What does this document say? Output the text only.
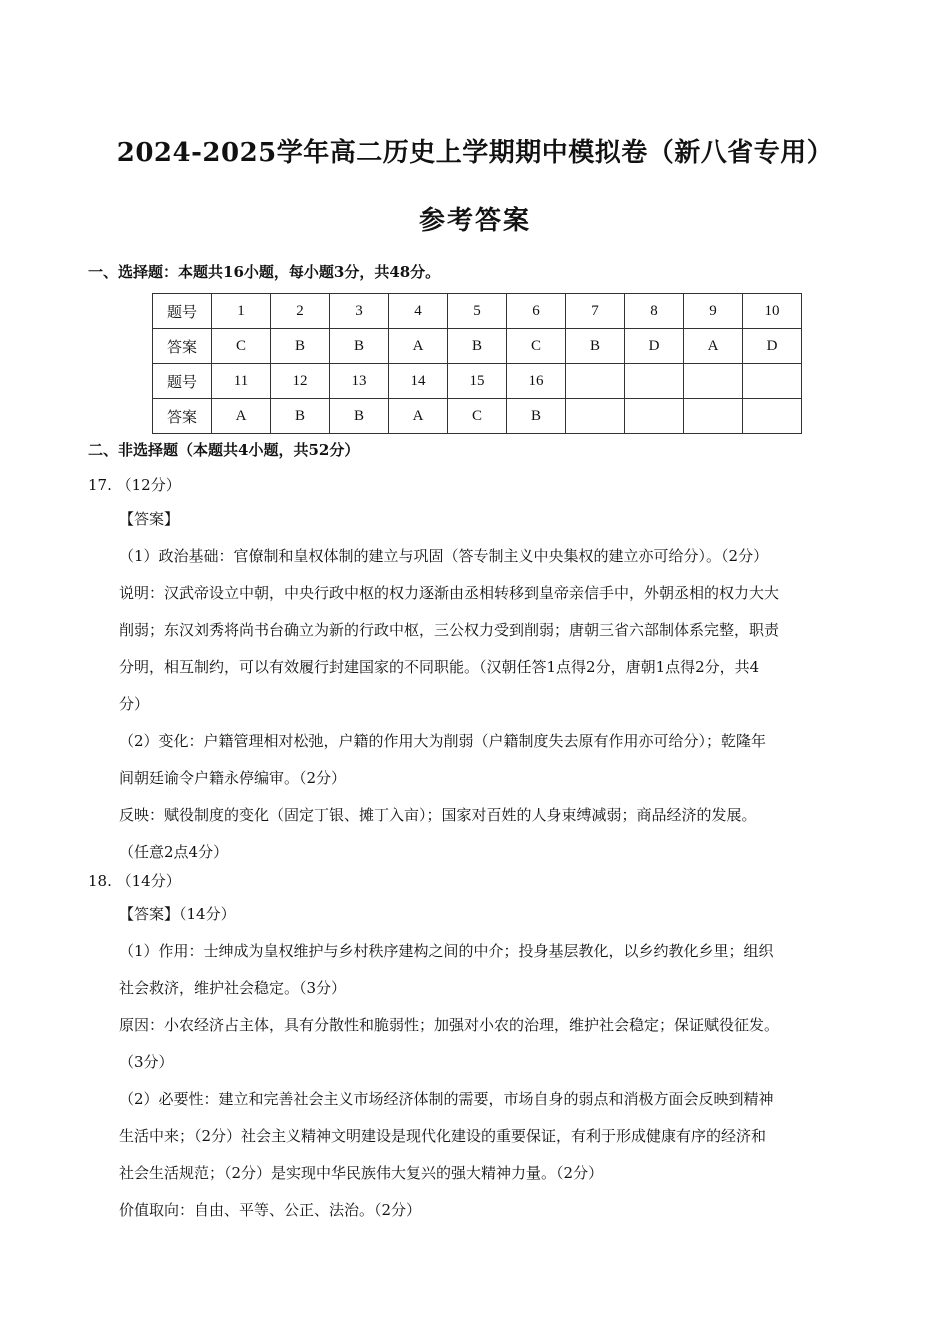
2024-2025学年高二历史上学期期中模拟卷（新八省专用）
参考答案
一、选择题：本题共16小题，每小题3分，共48分。
题号	1	2	3	4	5	6	7	8	9	10
答案	C	B	B	A	B	C	B	D	A	D
题号	11	12	13	14	15	16				
答案	A	B	B	A	C	B				
二、非选择题（本题共4小题，共52分）
17. （12分）
【答案】
（1）政治基础：官僚制和皇权体制的建立与巩固（答专制主义中央集权的建立亦可给分）。（2分）
说明：汉武帝设立中朝，中央行政中枢的权力逐渐由丞相转移到皇帝亲信手中，外朝丞相的权力大大
削弱；东汉刘秀将尚书台确立为新的行政中枢，三公权力受到削弱；唐朝三省六部制体系完整，职责
分明，相互制约，可以有效履行封建国家的不同职能。（汉朝任答1点得2分，唐朝1点得2分，共4
分）
（2）变化：户籍管理相对松弛，户籍的作用大为削弱（户籍制度失去原有作用亦可给分）；乾隆年
间朝廷谕令户籍永停编审。（2分）
反映：赋役制度的变化（固定丁银、摊丁入亩）；国家对百姓的人身束缚减弱；商品经济的发展。
（任意2点4分）
18. （14分）
【答案】（14分）
（1）作用：士绅成为皇权维护与乡村秩序建构之间的中介；投身基层教化，以乡约教化乡里；组织
社会救济，维护社会稳定。（3分）
原因：小农经济占主体，具有分散性和脆弱性；加强对小农的治理，维护社会稳定；保证赋役征发。
（3分）
（2）必要性：建立和完善社会主义市场经济体制的需要，市场自身的弱点和消极方面会反映到精神
生活中来；（2分）社会主义精神文明建设是现代化建设的重要保证，有利于形成健康有序的经济和
社会生活规范；（2分）是实现中华民族伟大复兴的强大精神力量。（2分）
价值取向：自由、平等、公正、法治。（2分）
